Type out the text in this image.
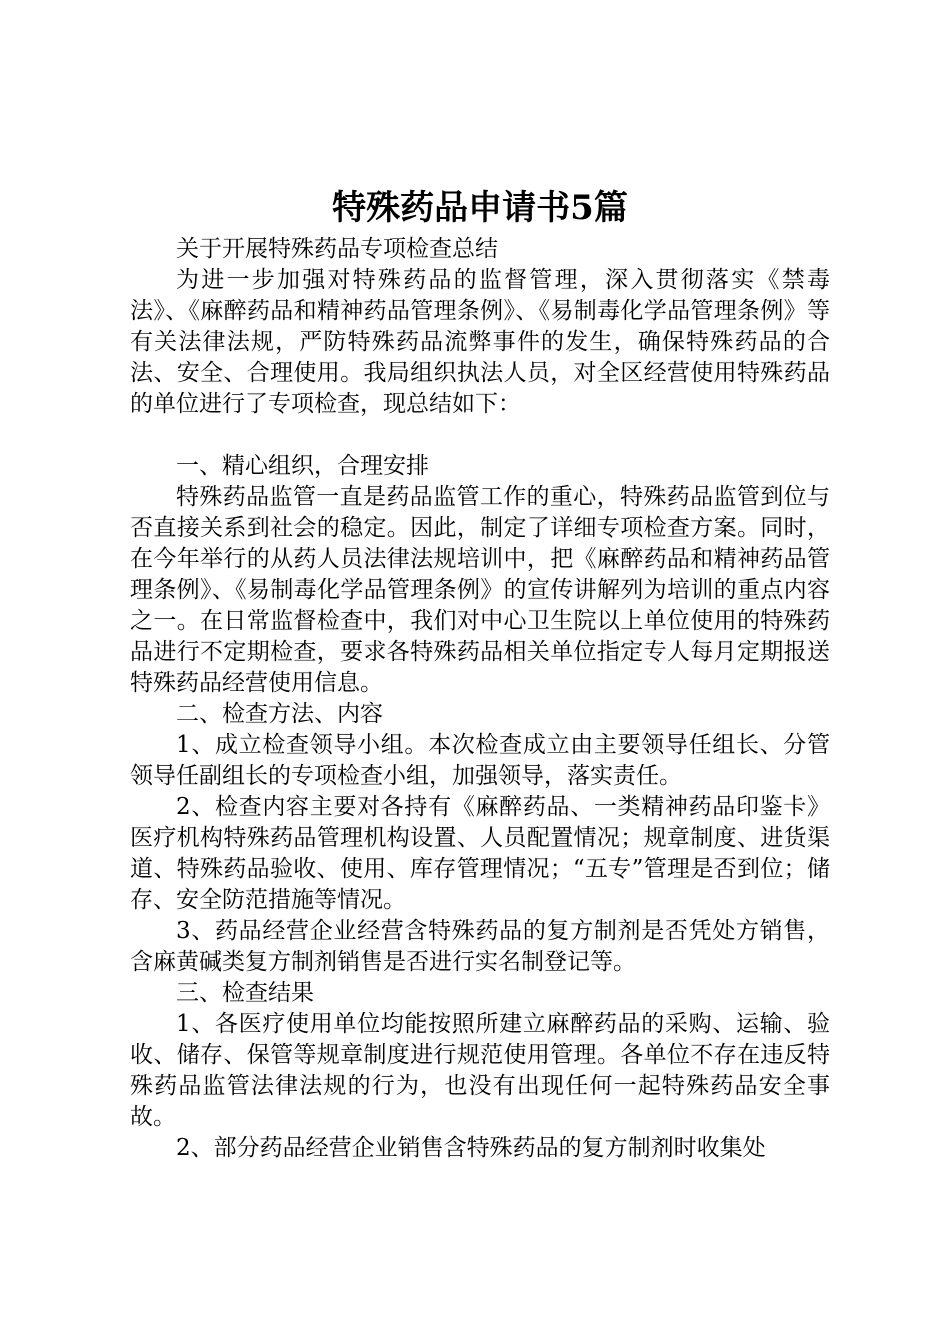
特殊药品申请书5篇

关于开展特殊药品专项检查总结

为进一步加强对特殊药品的监督管理，深入贯彻落实《禁毒法》、《麻醉药品和精神药品管理条例》、《易制毒化学品管理条例》等有关法律法规，严防特殊药品流弊事件的发生，确保特殊药品的合法、安全、合理使用。我局组织执法人员，对全区经营使用特殊药品的单位进行了专项检查，现总结如下：

一、精心组织，合理安排

特殊药品监管一直是药品监管工作的重心，特殊药品监管到位与否直接关系到社会的稳定。因此，制定了详细专项检查方案。同时，在今年举行的从药人员法律法规培训中，把《麻醉药品和精神药品管理条例》、《易制毒化学品管理条例》的宣传讲解列为培训的重点内容之一。在日常监督检查中，我们对中心卫生院以上单位使用的特殊药品进行不定期检查，要求各特殊药品相关单位指定专人每月定期报送特殊药品经营使用信息。

二、检查方法、内容

1、成立检查领导小组。本次检查成立由主要领导任组长、分管领导任副组长的专项检查小组，加强领导，落实责任。

2、检查内容主要对各持有《麻醉药品、一类精神药品印鉴卡》医疗机构特殊药品管理机构设置、人员配置情况；规章制度、进货渠道、特殊药品验收、使用、库存管理情况；“五专”管理是否到位；储存、安全防范措施等情况。

3、药品经营企业经营含特殊药品的复方制剂是否凭处方销售，含麻黄碱类复方制剂销售是否进行实名制登记等。

三、检查结果

1、各医疗使用单位均能按照所建立麻醉药品的采购、运输、验收、储存、保管等规章制度进行规范使用管理。各单位不存在违反特殊药品监管法律法规的行为，也没有出现任何一起特殊药品安全事故。

2、部分药品经营企业销售含特殊药品的复方制剂时收集处
